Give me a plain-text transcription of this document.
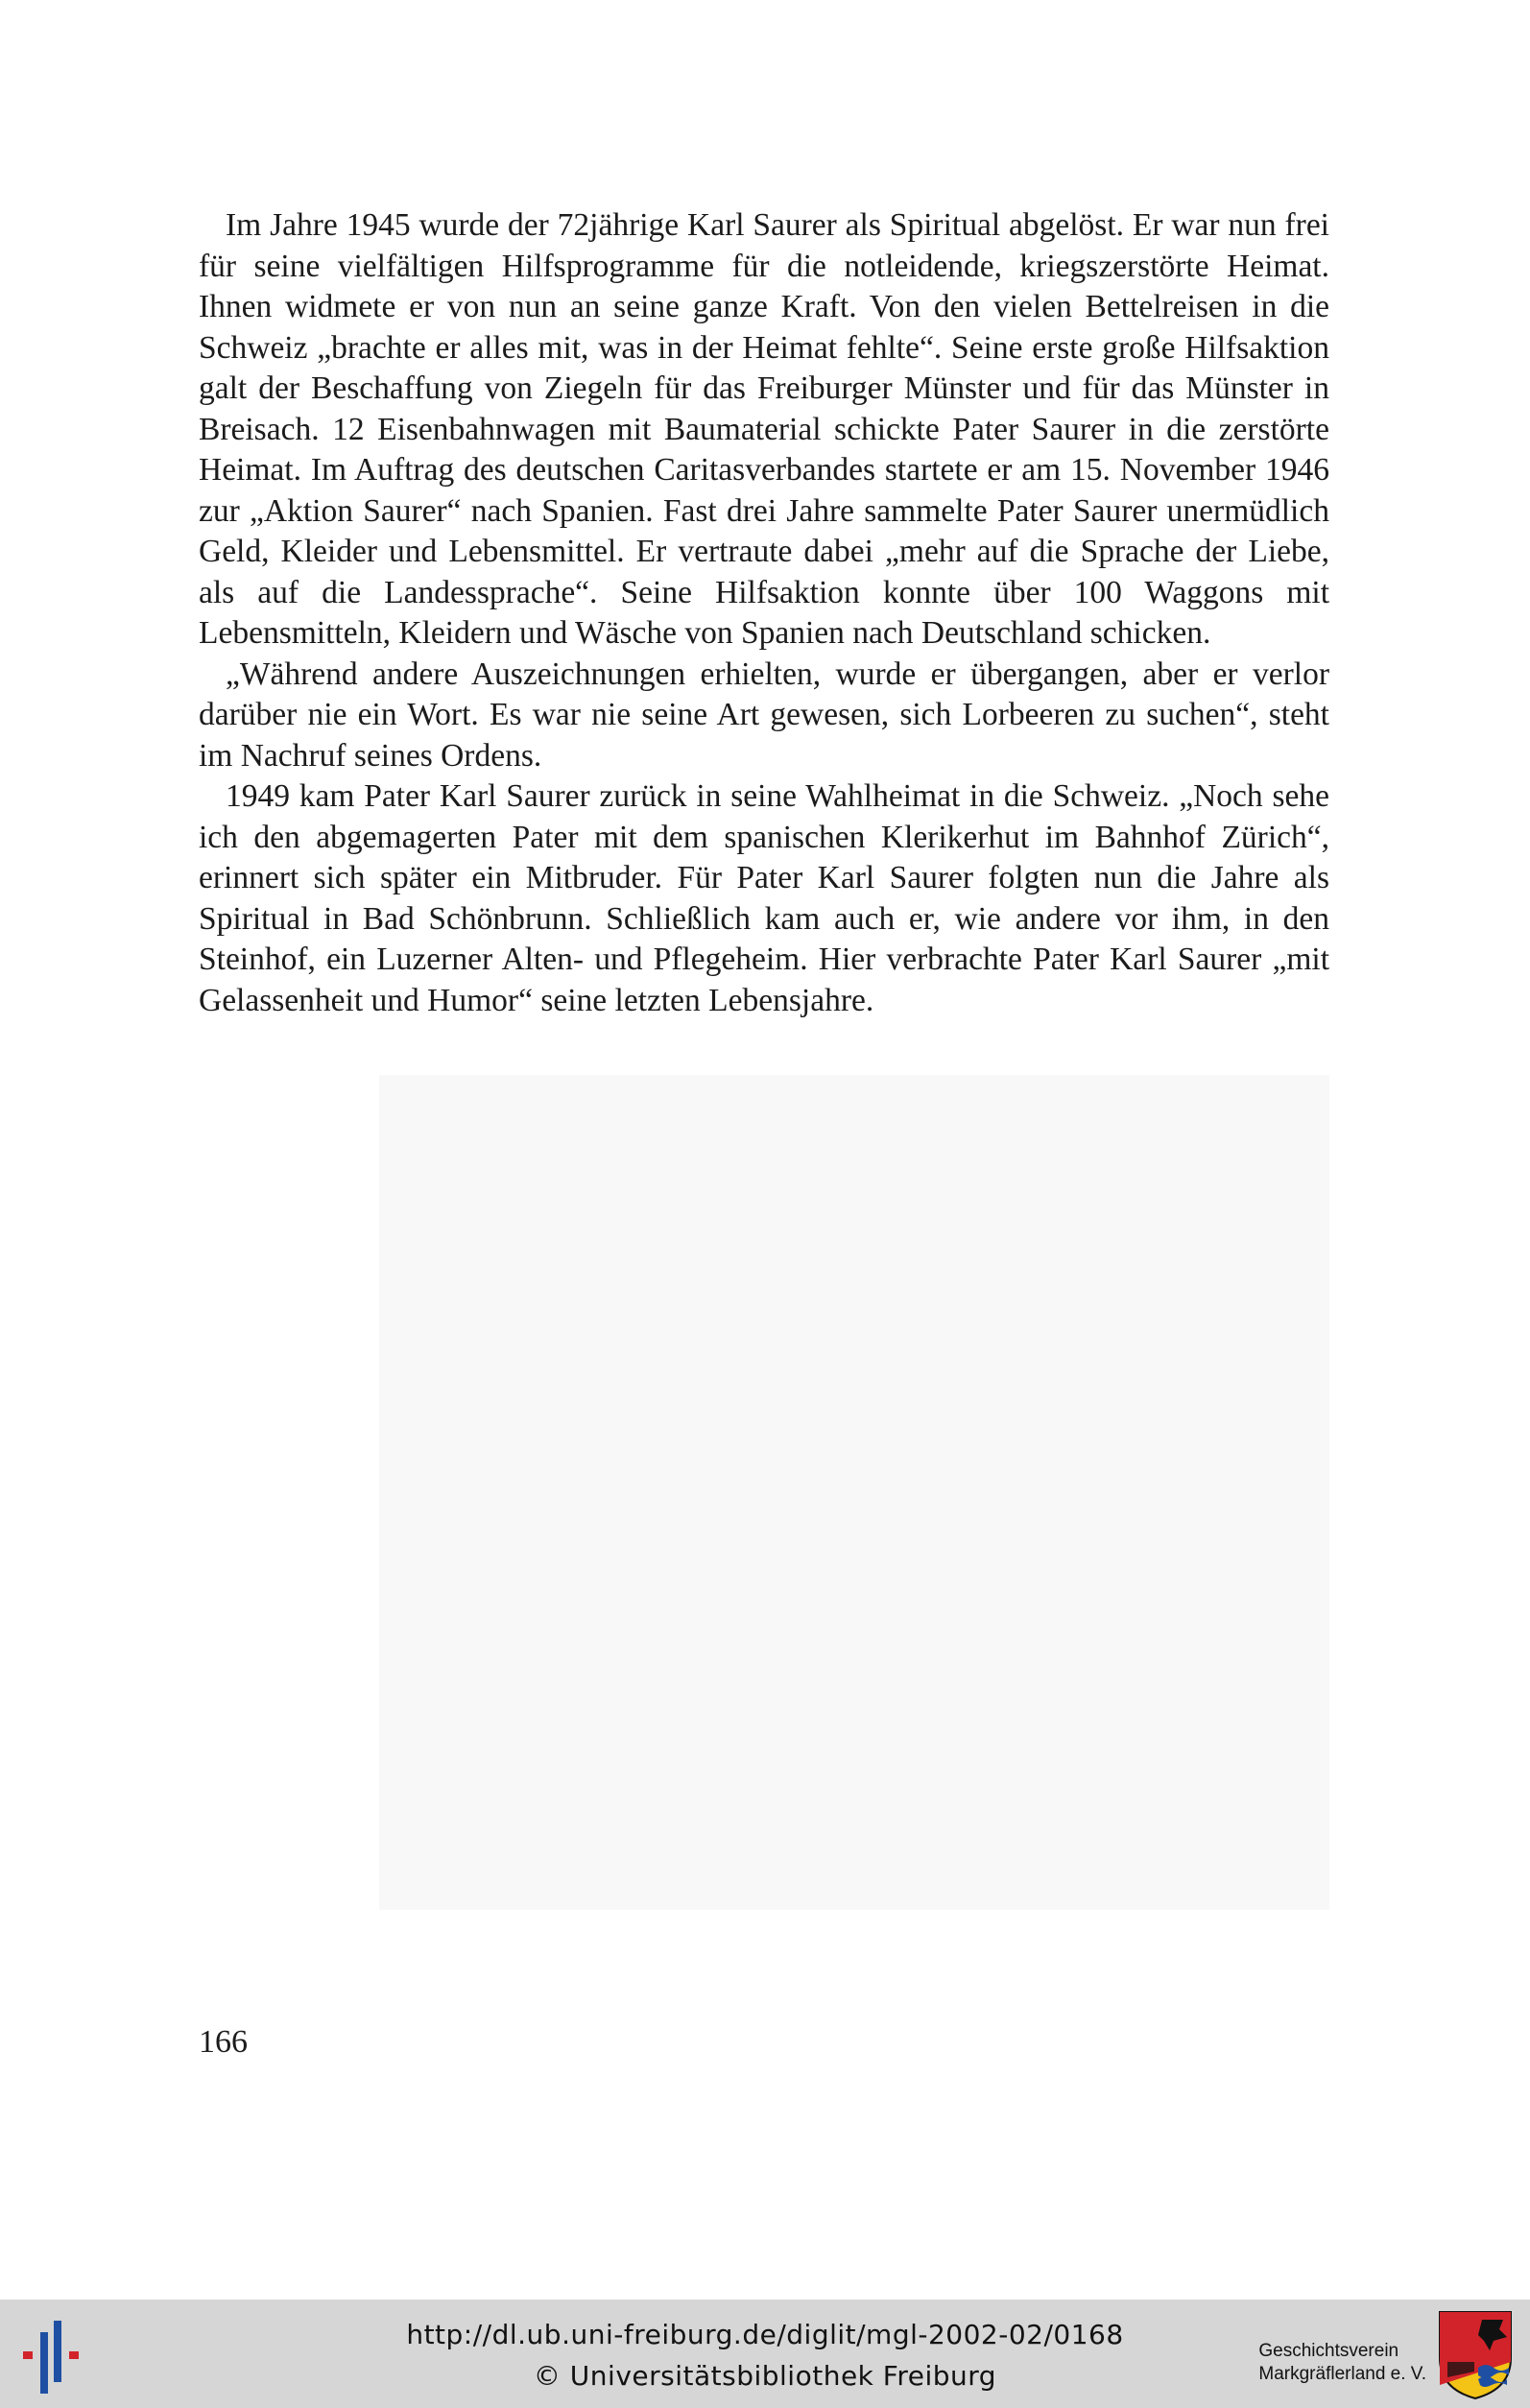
Im Jahre 1945 wurde der 72jährige Karl Saurer als Spiritual abgelöst. Er war nun frei für seine vielfältigen Hilfsprogramme für die notleidende, kriegszerstörte Heimat. Ihnen widmete er von nun an seine ganze Kraft. Von den vielen Bettelreisen in die Schweiz „brachte er alles mit, was in der Heimat fehlte“. Seine erste große Hilfsaktion galt der Beschaffung von Ziegeln für das Freiburger Münster und für das Münster in Breisach. 12 Eisenbahnwagen mit Baumaterial schickte Pater Saurer in die zerstörte Heimat. Im Auftrag des deutschen Caritasverbandes startete er am 15. November 1946 zur „Aktion Saurer“ nach Spanien. Fast drei Jahre sammelte Pater Saurer unermüdlich Geld, Kleider und Lebensmittel. Er vertraute dabei „mehr auf die Sprache der Liebe, als auf die Landessprache“. Seine Hilfsaktion konnte über 100 Waggons mit Lebensmitteln, Kleidern und Wäsche von Spanien nach Deutschland schicken.

„Während andere Auszeichnungen erhielten, wurde er übergangen, aber er verlor darüber nie ein Wort. Es war nie seine Art gewesen, sich Lorbeeren zu suchen“, steht im Nachruf seines Ordens.

1949 kam Pater Karl Saurer zurück in seine Wahlheimat in die Schweiz. „Noch sehe ich den abgemagerten Pater mit dem spanischen Klerikerhut im Bahnhof Zürich“, erinnert sich später ein Mitbruder. Für Pater Karl Saurer folgten nun die Jahre als Spiritual in Bad Schönbrunn. Schließlich kam auch er, wie andere vor ihm, in den Steinhof, ein Luzerner Alten- und Pflegeheim. Hier verbrachte Pater Karl Saurer „mit Gelassenheit und Humor“ seine letzten Lebensjahre.

166
http://dl.ub.uni-freiburg.de/diglit/mgl-2002-02/0168
© Universitätsbibliothek Freiburg
Geschichtsverein
Markgräflerland e. V.
